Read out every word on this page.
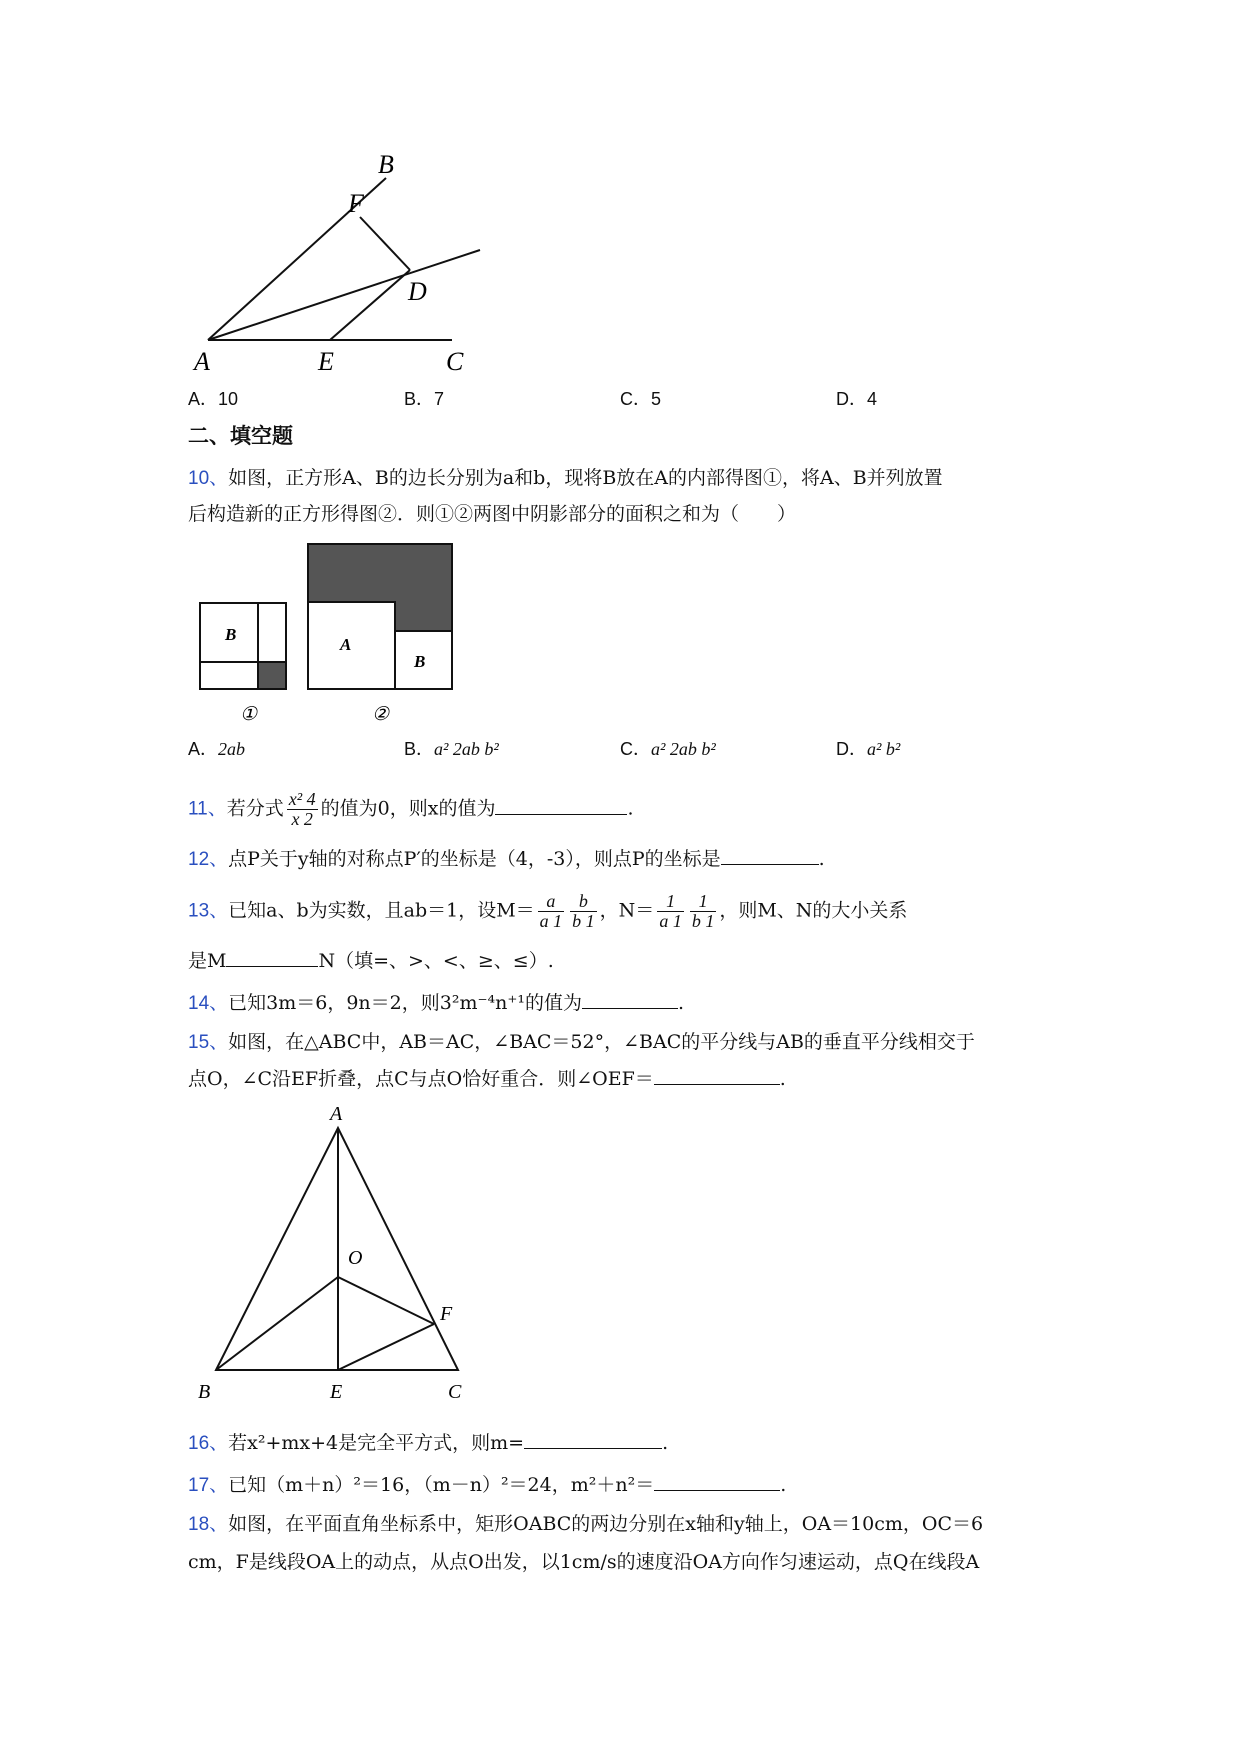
A
B
C
D
E
F
A．10	B．7	C．5	D．4
二、填空题
10、如图，正方形A、B的边长分别为a和b，现将B放在A的内部得图①，将A、B并列放置
后构造新的正方形得图②．则①②两图中阴影部分的面积之和为（　　）
B
①
A
B
②
A．2ab	B．a² 2ab b²	C．a² 2ab b²	D．a² b²
11、若分式 $\frac{\text{x² 4}}{x 2}$ 的值为0，则x的值为	.
12、点P关于y轴的对称点P′的坐标是（4，-3），则点P的坐标是	.
13、已知a、b为实数，且ab＝1，设$M= \frac{a}{a 1} \frac{b}{b 1}$ ，$N= \frac{1}{a 1} \frac{1}{b 1}$ ，则M、N的大小关系
是M	N（填=、>、<、≥、≤）.
14、已知3m＝6，9n＝2，则3²m⁻⁴n⁺¹的值为	.
15、如图，在△ABC中，AB＝AC，∠BAC＝52°，∠BAC的平分线与AB的垂直平分线相交于
点O，∠C沿EF折叠，点C与点O恰好重合．则∠OEF＝	.
A
B	C
E
F
O
16、若x²+mx+4是完全平方式，则m=	.
17、已知（m＋n）²＝16，（m－n）²＝24，m²＋n²＝	.
18、如图，在平面直角坐标系中，矩形OABC的两边分别在x轴和y轴上，OA＝10cm，OC＝6
cm，F是线段OA上的动点，从点O出发，以1cm/s的速度沿OA方向作匀速运动，点Q在线段A
